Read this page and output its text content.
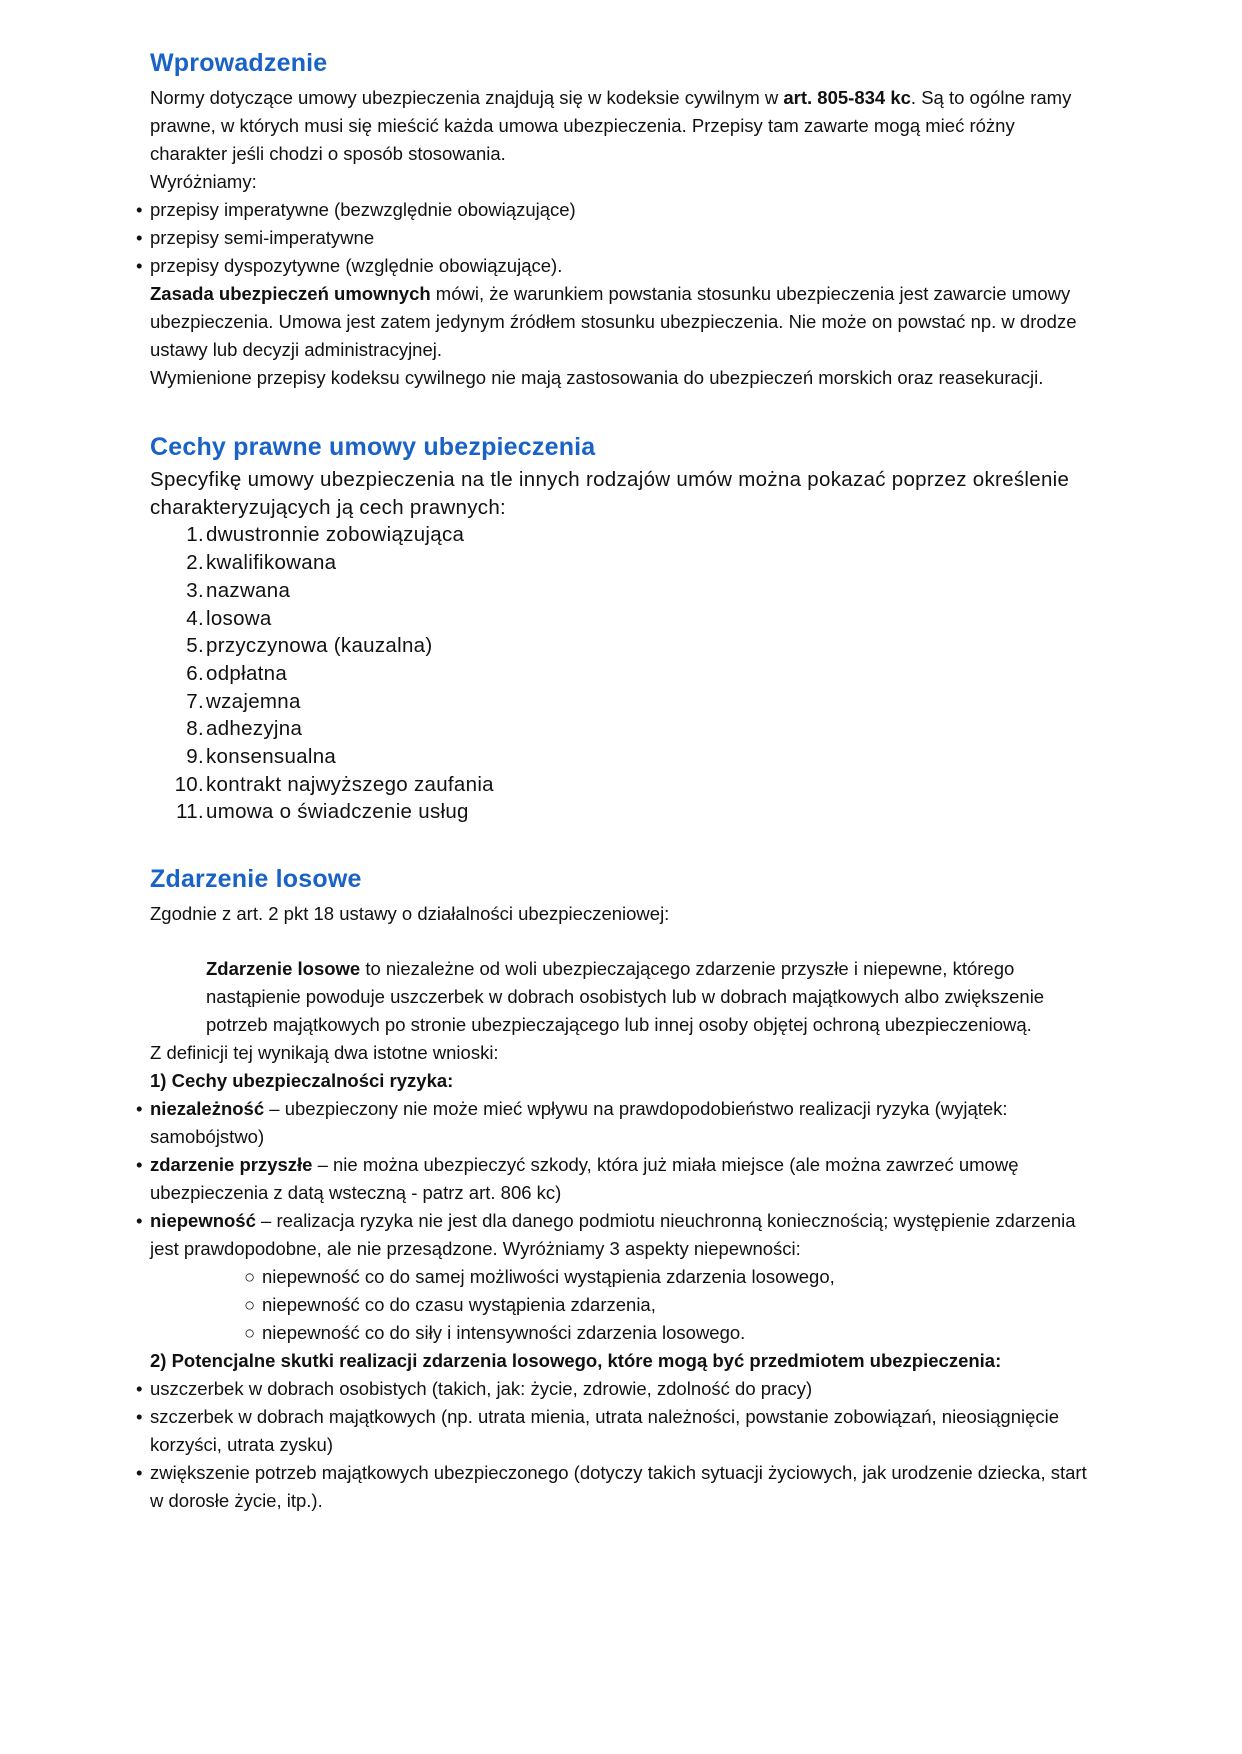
Wprowadzenie

Normy dotyczące umowy ubezpieczenia znajdują się w kodeksie cywilnym w art. 805-834 kc. Są to ogólne ramy prawne, w których musi się mieścić każda umowa ubezpieczenia. Przepisy tam zawarte mogą mieć różny charakter jeśli chodzi o sposób stosowania.

Wyróżniamy:

• przepisy imperatywne (bezwzględnie obowiązujące)
• przepisy semi-imperatywne
• przepisy dyspozytywne (względnie obowiązujące).

Zasada ubezpieczeń umownych mówi, że warunkiem powstania stosunku ubezpieczenia jest zawarcie umowy ubezpieczenia. Umowa jest zatem jedynym źródłem stosunku ubezpieczenia. Nie może on powstać np. w drodze ustawy lub decyzji administracyjnej.

Wymienione przepisy kodeksu cywilnego nie mają zastosowania do ubezpieczeń morskich oraz reasekuracji.

Cechy prawne umowy ubezpieczenia

Specyfikę umowy ubezpieczenia na tle innych rodzajów umów można pokazać poprzez określenie charakteryzujących ją cech prawnych:

1. dwustronnie zobowiązująca
2. kwalifikowana
3. nazwana
4. losowa
5. przyczynowa (kauzalna)
6. odpłatna
7. wzajemna
8. adhezyjna
9. konsensualna
10. kontrakt najwyższego zaufania
11. umowa o świadczenie usług
Zdarzenie losowe

Zgodnie z art. 2 pkt 18 ustawy o działalności ubezpieczeniowej:

Zdarzenie losowe to niezależne od woli ubezpieczającego zdarzenie przyszłe i niepewne, którego nastąpienie powoduje uszczerbek w dobrach osobistych lub w dobrach majątkowych albo zwiększenie potrzeb majątkowych po stronie ubezpieczającego lub innej osoby objętej ochroną ubezpieczeniową.

Z definicji tej wynikają dwa istotne wnioski:

1) Cechy ubezpieczalności ryzyka:

• niezależność – ubezpieczony nie może mieć wpływu na prawdopodobieństwo realizacji ryzyka (wyjątek: samobójstwo)
• zdarzenie przyszłe – nie można ubezpieczyć szkody, która już miała miejsce (ale można zawrzeć umowę ubezpieczenia z datą wsteczną - patrz art. 806 kc)
• niepewność – realizacja ryzyka nie jest dla danego podmiotu nieuchronną koniecznością; występienie zdarzenia jest prawdopodobne, ale nie przesądzone. Wyróżniamy 3 aspekty niepewności:
○ niepewność co do samej możliwości wystąpienia zdarzenia losowego,
○ niepewność co do czasu wystąpienia zdarzenia,
○ niepewność co do siły i intensywności zdarzenia losowego.

2) Potencjalne skutki realizacji zdarzenia losowego, które mogą być przedmiotem ubezpieczenia:

• uszczerbek w dobrach osobistych (takich, jak: życie, zdrowie, zdolność do pracy)
• szczerbek w dobrach majątkowych (np. utrata mienia, utrata należności, powstanie zobowiązań, nieosiągnięcie korzyści, utrata zysku)
• zwiększenie potrzeb majątkowych ubezpieczonego (dotyczy takich sytuacji życiowych, jak urodzenie dziecka, start w dorosłe życie, itp.).
